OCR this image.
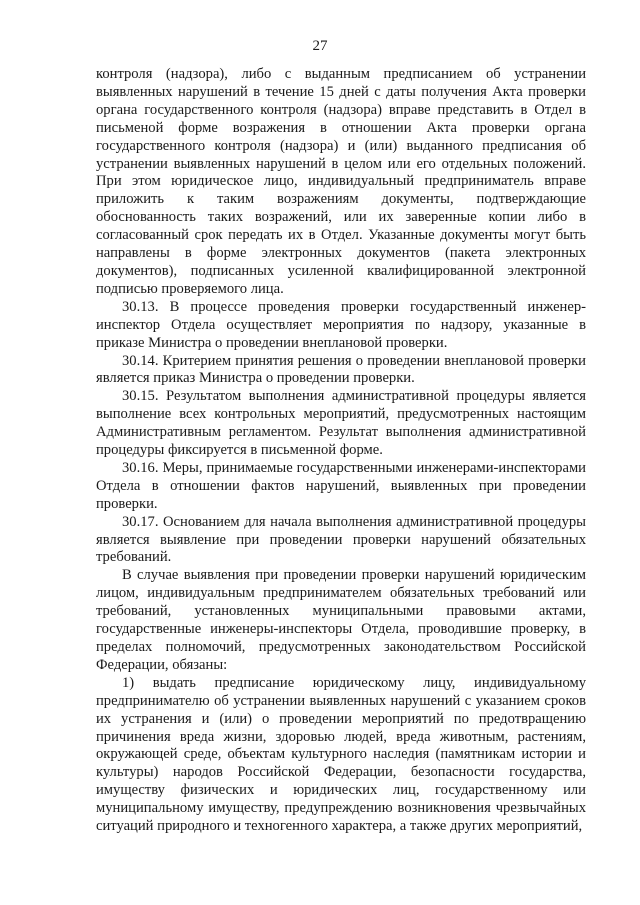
27

контроля (надзора), либо с выданным предписанием об устранении выявленных нарушений в течение 15 дней с даты получения Акта проверки органа государственного контроля (надзора) вправе представить в Отдел в письменой форме возражения в отношении Акта проверки органа государственного контроля (надзора) и (или) выданного предписания об устранении выявленных нарушений в целом или его отдельных положений. При этом юридическое лицо, индивидуальный предприниматель вправе приложить к таким возражениям документы, подтверждающие обоснованность таких возражений, или их заверенные копии либо в согласованный срок передать их в Отдел. Указанные документы могут быть направлены в форме электронных документов (пакета электронных документов), подписанных усиленной квалифицированной электронной подписью проверяемого лица.

30.13. В процессе проведения проверки государственный инженер-инспектор Отдела осуществляет мероприятия по надзору, указанные в приказе Министра о проведении внеплановой проверки.

30.14. Критерием принятия решения о проведении внеплановой проверки является приказ Министра о проведении проверки.

30.15. Результатом выполнения административной процедуры является выполнение всех контрольных мероприятий, предусмотренных настоящим Административным регламентом. Результат выполнения административной процедуры фиксируется в письменной форме.

30.16. Меры, принимаемые государственными инженерами-инспекторами Отдела в отношении фактов нарушений, выявленных при проведении проверки.

30.17. Основанием для начала выполнения административной процедуры является выявление при проведении проверки нарушений обязательных требований.

В случае выявления при проведении проверки нарушений юридическим лицом, индивидуальным предпринимателем обязательных требований или требований, установленных муниципальными правовыми актами, государственные инженеры-инспекторы Отдела, проводившие проверку, в пределах полномочий, предусмотренных законодательством Российской Федерации, обязаны:

1) выдать предписание юридическому лицу, индивидуальному предпринимателю об устранении выявленных нарушений с указанием сроков их устранения и (или) о проведении мероприятий по предотвращению причинения вреда жизни, здоровью людей, вреда животным, растениям, окружающей среде, объектам культурного наследия (памятникам истории и культуры) народов Российской Федерации, безопасности государства, имуществу физических и юридических лиц, государственному или муниципальному имуществу, предупреждению возникновения чрезвычайных ситуаций природного и техногенного характера, а также других мероприятий,
